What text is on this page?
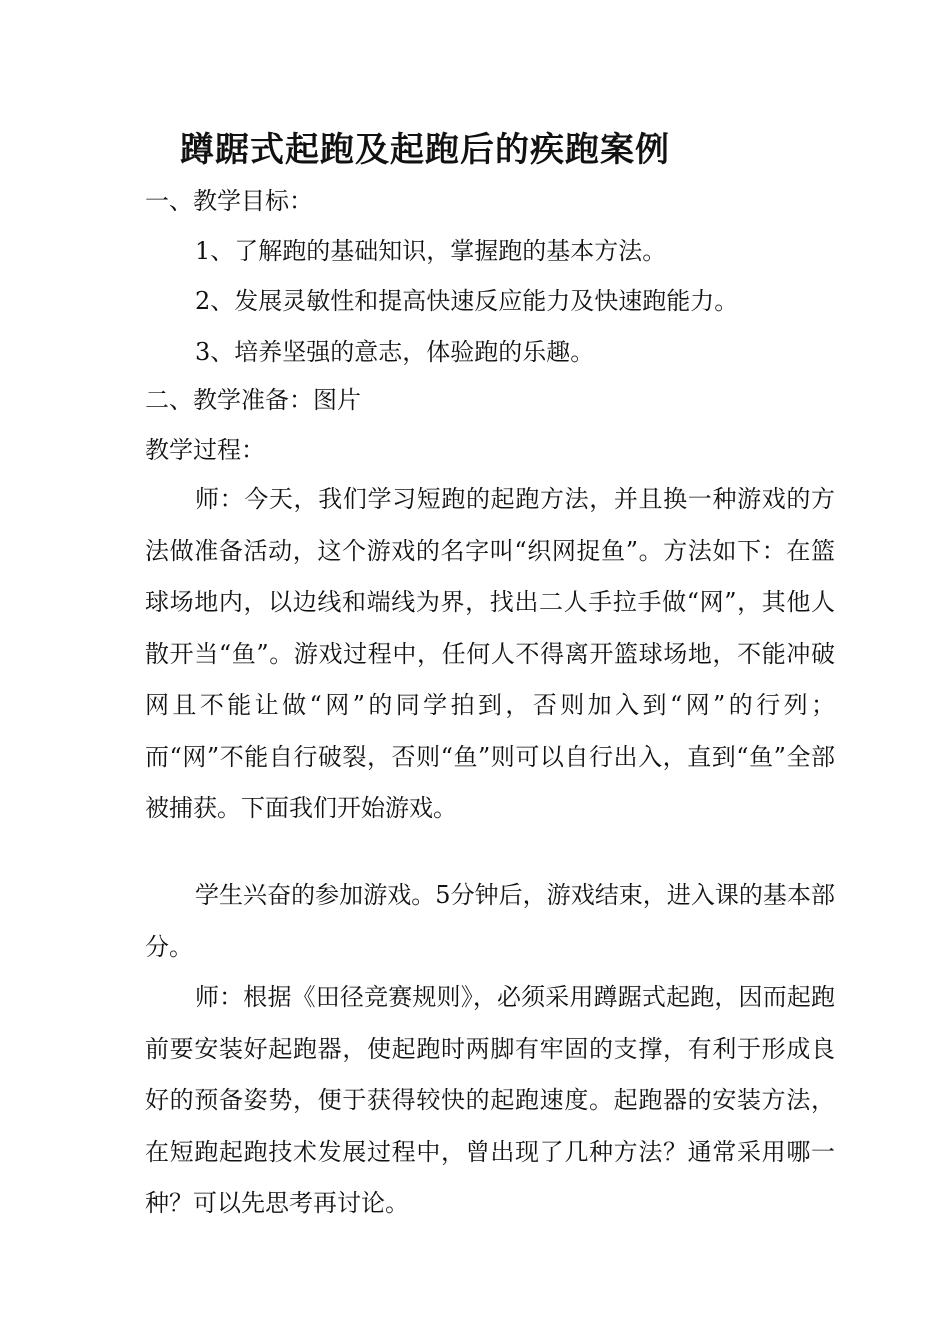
蹲踞式起跑及起跑后的疾跑案例
一、教学目标：
1、了解跑的基础知识，掌握跑的基本方法。
2、发展灵敏性和提高快速反应能力及快速跑能力。
3、培养坚强的意志，体验跑的乐趣。
二、教学准备：图片
教学过程：
师：今天，我们学习短跑的起跑方法，并且换一种游戏的方法做准备活动，这个游戏的名字叫“织网捉鱼”。方法如下：在篮球场地内，以边线和端线为界，找出二人手拉手做“网”，其他人散开当“鱼”。游戏过程中，任何人不得离开篮球场地，不能冲破网且不能让做“网”的同学拍到，否则加入到“网”的行列；而“网”不能自行破裂，否则“鱼”则可以自行出入，直到“鱼”全部被捕获。下面我们开始游戏。
学生兴奋的参加游戏。5分钟后，游戏结束，进入课的基本部分。
师：根据《田径竞赛规则》，必须采用蹲踞式起跑，因而起跑前要安装好起跑器，使起跑时两脚有牢固的支撑，有利于形成良好的预备姿势，便于获得较快的起跑速度。起跑器的安装方法，在短跑起跑技术发展过程中，曾出现了几种方法？通常采用哪一种？可以先思考再讨论。
